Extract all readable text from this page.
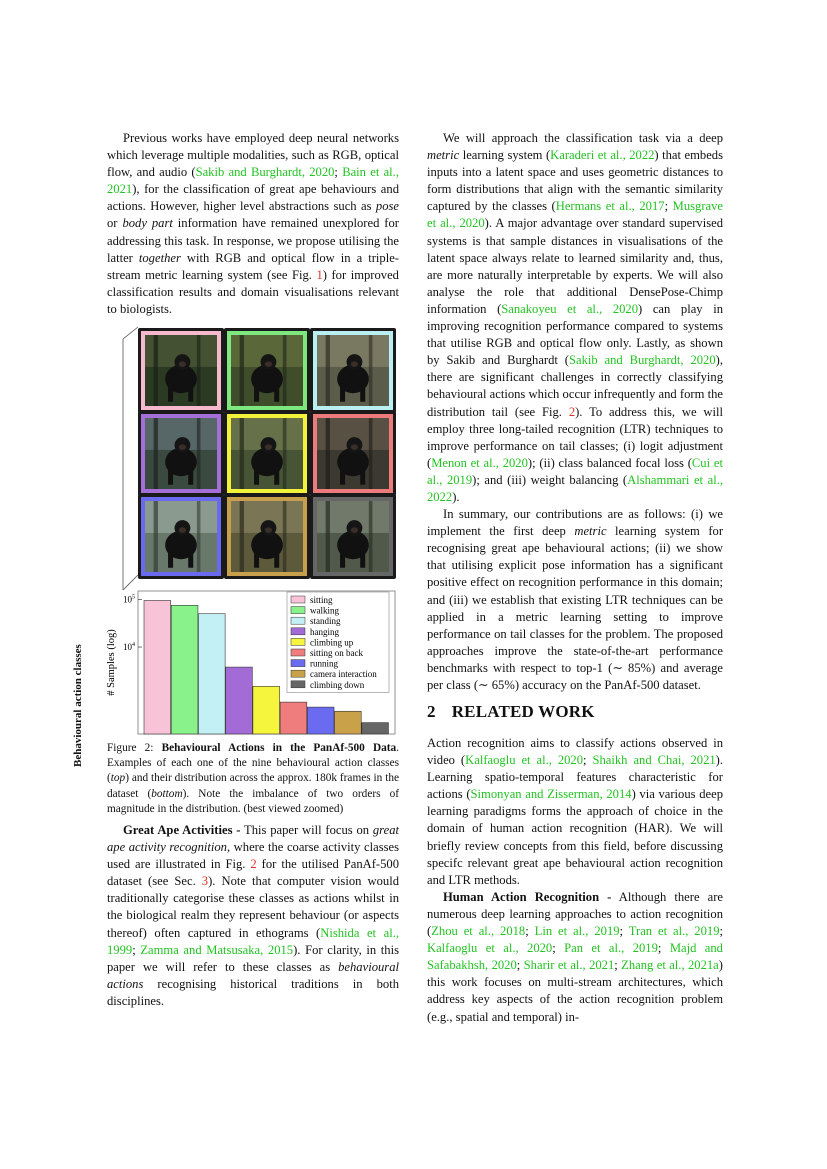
Previous works have employed deep neural networks which leverage multiple modalities, such as RGB, optical flow, and audio (Sakib and Burghardt, 2020; Bain et al., 2021), for the classification of great ape behaviours and actions. However, higher level abstractions such as pose or body part information have remained unexplored for addressing this task. In response, we propose utilising the latter together with RGB and optical flow in a triple-stream metric learning system (see Fig. 1) for improved classification results and domain visualisations relevant to biologists.

Behavioural action classes # Samples (log)
$10^5$
$10^4$
sitting
walking
standing
hanging
climbing up
sitting on back
running
camera interaction
climbing down
Figure 2: Behavioural Actions in the PanAf-500 Data. Examples of each one of the nine behavioural action classes (top) and their distribution across the approx. 180k frames in the dataset (bottom). Note the imbalance of two orders of magnitude in the distribution. (best viewed zoomed)

Great Ape Activities - This paper will focus on great ape activity recognition, where the coarse activity classes used are illustrated in Fig. 2 for the utilised PanAf-500 dataset (see Sec. 3). Note that computer vision would traditionally categorise these classes as actions whilst in the biological realm they represent behaviour (or aspects thereof) often captured in ethograms (Nishida et al., 1999; Zamma and Matsusaka, 2015). For clarity, in this paper we will refer to these classes as behavioural actions recognising historical traditions in both disciplines.

We will approach the classification task via a deep metric learning system (Karaderi et al., 2022) that embeds inputs into a latent space and uses geometric distances to form distributions that align with the semantic similarity captured by the classes (Hermans et al., 2017; Musgrave et al., 2020). A major advantage over standard supervised systems is that sample distances in visualisations of the latent space always relate to learned similarity and, thus, are more naturally interpretable by experts. We will also analyse the role that additional DensePose-Chimp information (Sanakoyeu et al., 2020) can play in improving recognition performance compared to systems that utilise RGB and optical flow only. Lastly, as shown by Sakib and Burghardt (Sakib and Burghardt, 2020), there are significant challenges in correctly classifying behavioural actions which occur infrequently and form the distribution tail (see Fig. 2). To address this, we will employ three long-tailed recognition (LTR) techniques to improve performance on tail classes; (i) logit adjustment (Menon et al., 2020); (ii) class balanced focal loss (Cui et al., 2019); and (iii) weight balancing (Alshammari et al., 2022).

In summary, our contributions are as follows: (i) we implement the first deep metric learning system for recognising great ape behavioural actions; (ii) we show that utilising explicit pose information has a significant positive effect on recognition performance in this domain; and (iii) we establish that existing LTR techniques can be applied in a metric learning setting to improve performance on tail classes for the problem. The proposed approaches improve the state-of-the-art performance benchmarks with respect to top-1 (∼ 85%) and average per class (∼ 65%) accuracy on the PanAf-500 dataset.

2 RELATED WORK

Action recognition aims to classify actions observed in video (Kalfaoglu et al., 2020; Shaikh and Chai, 2021). Learning spatio-temporal features characteristic for actions (Simonyan and Zisserman, 2014) via various deep learning paradigms forms the approach of choice in the domain of human action recognition (HAR). We will briefly review concepts from this field, before discussing specifc relevant great ape behavioural action recognition and LTR methods.

Human Action Recognition - Although there are numerous deep learning approaches to action recognition (Zhou et al., 2018; Lin et al., 2019; Tran et al., 2019; Kalfaoglu et al., 2020; Pan et al., 2019; Majd and Safabakhsh, 2020; Sharir et al., 2021; Zhang et al., 2021a) this work focuses on multi-stream architectures, which address key aspects of the action recognition problem (e.g., spatial and temporal) in-
